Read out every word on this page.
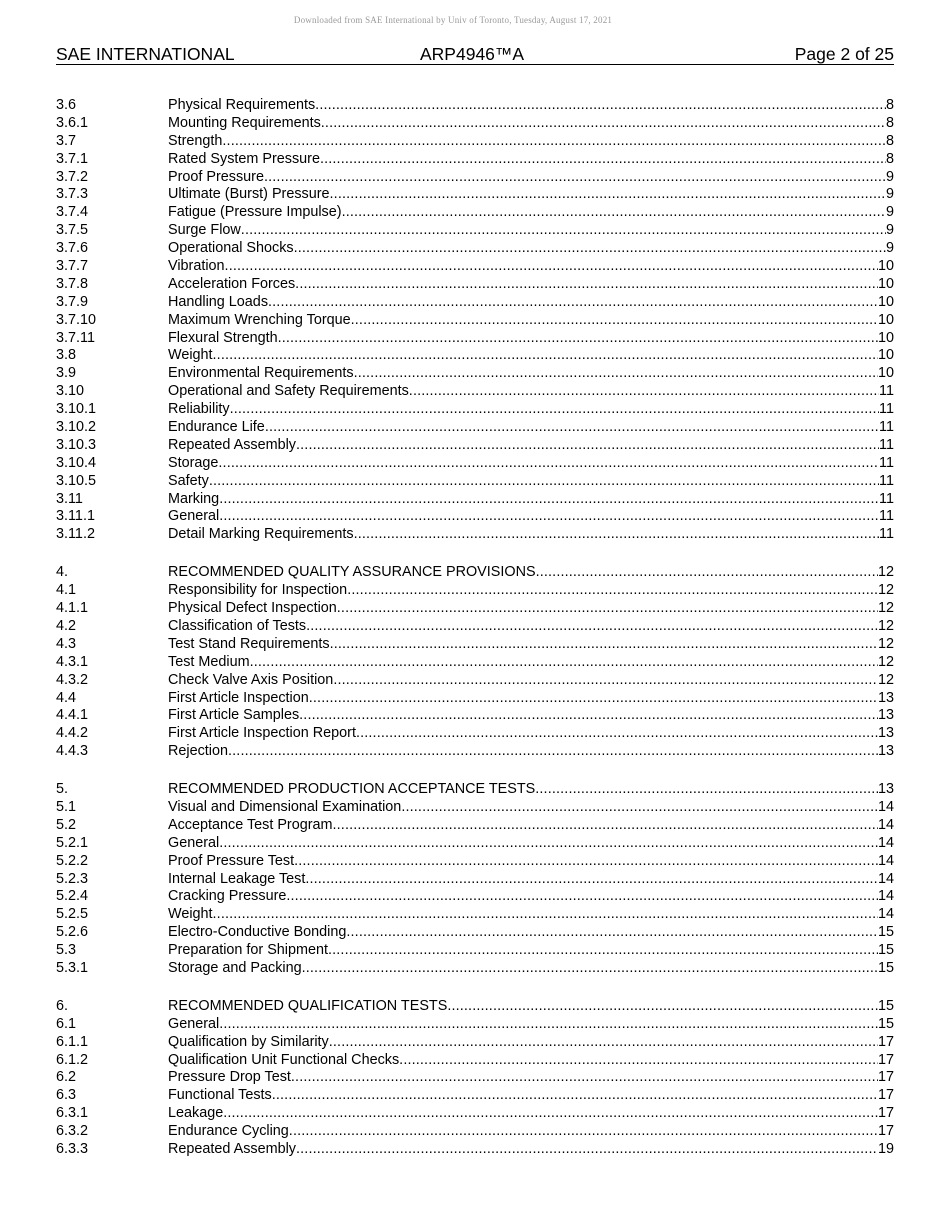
Downloaded from SAE International by Univ of Toronto, Tuesday, August 17, 2021
SAE INTERNATIONAL	ARP4946™A	Page 2 of 25
3.6	Physical Requirements .....	8
3.6.1	Mounting Requirements .....	8
3.7	Strength .....	8
3.7.1	Rated System Pressure .....	8
3.7.2	Proof Pressure .....	9
3.7.3	Ultimate (Burst) Pressure .....	9
3.7.4	Fatigue (Pressure Impulse) .....	9
3.7.5	Surge Flow .....	9
3.7.6	Operational Shocks .....	9
3.7.7	Vibration .....	10
3.7.8	Acceleration Forces .....	10
3.7.9	Handling Loads .....	10
3.7.10	Maximum Wrenching Torque .....	10
3.7.11	Flexural Strength .....	10
3.8	Weight .....	10
3.9	Environmental Requirements .....	10
3.10	Operational and Safety Requirements .....	11
3.10.1	Reliability .....	11
3.10.2	Endurance Life .....	11
3.10.3	Repeated Assembly .....	11
3.10.4	Storage .....	11
3.10.5	Safety .....	11
3.11	Marking .....	11
3.11.1	General .....	11
3.11.2	Detail Marking Requirements .....	11
4.	RECOMMENDED QUALITY ASSURANCE PROVISIONS .....	12
4.1	Responsibility for Inspection .....	12
4.1.1	Physical Defect Inspection .....	12
4.2	Classification of Tests .....	12
4.3	Test Stand Requirements .....	12
4.3.1	Test Medium .....	12
4.3.2	Check Valve Axis Position .....	12
4.4	First Article Inspection .....	13
4.4.1	First Article Samples .....	13
4.4.2	First Article Inspection Report .....	13
4.4.3	Rejection .....	13
5.	RECOMMENDED PRODUCTION ACCEPTANCE TESTS .....	13
5.1	Visual and Dimensional Examination .....	14
5.2	Acceptance Test Program .....	14
5.2.1	General .....	14
5.2.2	Proof Pressure Test .....	14
5.2.3	Internal Leakage Test .....	14
5.2.4	Cracking Pressure .....	14
5.2.5	Weight .....	14
5.2.6	Electro-Conductive Bonding .....	15
5.3	Preparation for Shipment .....	15
5.3.1	Storage and Packing .....	15
6.	RECOMMENDED QUALIFICATION TESTS .....	15
6.1	General .....	15
6.1.1	Qualification by Similarity .....	17
6.1.2	Qualification Unit Functional Checks .....	17
6.2	Pressure Drop Test .....	17
6.3	Functional Tests .....	17
6.3.1	Leakage .....	17
6.3.2	Endurance Cycling .....	17
6.3.3	Repeated Assembly .....	19
